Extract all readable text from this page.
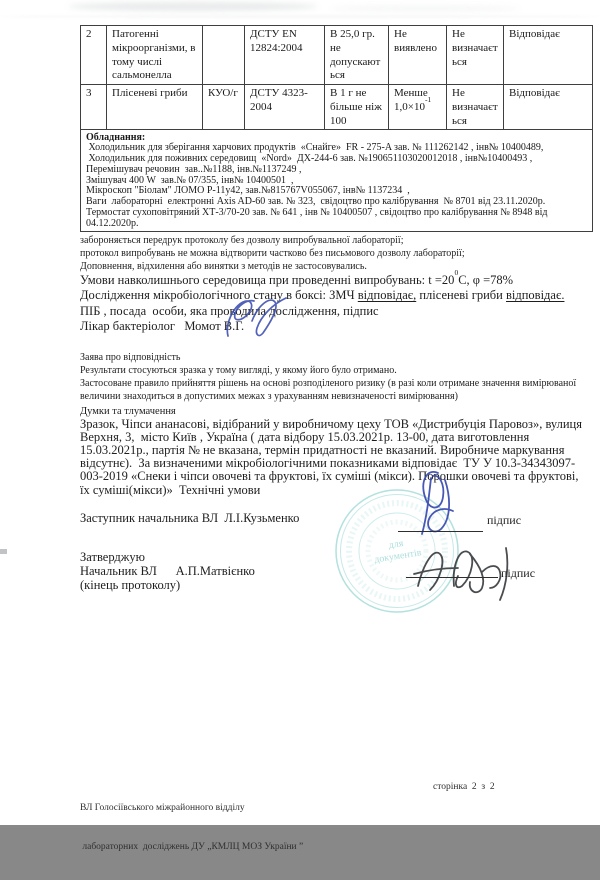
2	Патогенні мікроорганізми, в тому числі сальмонелла		ДСТУ EN 12824:2004	В 25,0 гр. не допускаються	Не виявлено	Не визначається	Відповідає
3	Плісеневі гриби	КУО/г	ДСТУ 4323-2004	В 1 г не більше ніж 100	Менше $1,0\times 10^{-1}$	Не визначається	Відповідає

Обладнання:
Холодильник для зберігання харчових продуктів  «Снайге»  FR - 275-A зав. № 111262142 , інв№ 10400489,
Холодильник для поживних середовищ  «Nord»  ДХ-244-6 зав. №190651103020012018 , інв№10400493 ,
Перемішувач речовин  зав..№1188, інв.№1137249 ,
Змішувач 400 W  зав.№ 07/355, інв№ 10400501  ,
Мікроскоп "Біолам" ЛОМО Р-11у42, зав.№815767V055067, інв№ 1137234  ,
Ваги  лабораторні  електронні Axis AD-60 зав. № 323,  свідоцтво про калібрування  № 8701 від 23.11.2020р.
Термостат сухоповітряний ХТ-3/70-20 зав. № 641 , інв № 10400507 , свідоцтво про калібрування № 8948 від 04.12.2020р.
забороняється передрук протоколу без дозволу випробувальної лабораторії;
протокол випробувань не можна відтворити частково без письмового дозволу лабораторії;
Доповнення, відхилення або винятки з методів не застосовувались.
Умови навколишнього середовища при проведенні випробувань: $t =20^0С$, φ =78%
Дослідження мікробіологічного стану в боксі: ЗМЧ відповідає, плісеневі гриби відповідає.
ПІБ , посада  особи, яка проводила дослідження, підпис
Лікар бактеріолог   Момот В.Г.
Заява про відповідність
Результати стосуються зразка у тому вигляді, у якому його було отримано.
Застосоване правило прийняття рішень на основі розподіленого ризику (в разі коли отримане значення вимірюваної величини знаходиться в допустимих межах з урахуванням невизначеності вимірювання)
Думки та тлумачення
Зразок, Чіпси ананасові, відібраний у виробничому цеху ТОВ «Дистрибуція Паровоз», вулиця Верхня, 3,  місто Київ , Україна ( дата відбору 15.03.2021р. 13-00, дата виготовлення  15.03.2021р., партія № не вказана, термін придатності не вказаний. Виробниче маркування відсутнє).  За визначеними мікробіологічними показниками відповідає  ТУ У 10.3-34343097-003-2019 «Снеки і чіпси овочеві та фруктові, їх суміші (мікси). Порошки овочеві та фруктові, їх суміші(мікси)»  Технічні умови
для
документів
підпис
підпис
Заступник начальника ВЛ  Л.І.Кузьменко
Затверджую
Начальник ВЛ      А.П.Матвієнко
(кінець протоколу)

ВЛ Голосіївського міжрайонного відділу

лабораторних  досліджень ДУ „КМЛЦ МОЗ України ”

сторінка  2  з  2
